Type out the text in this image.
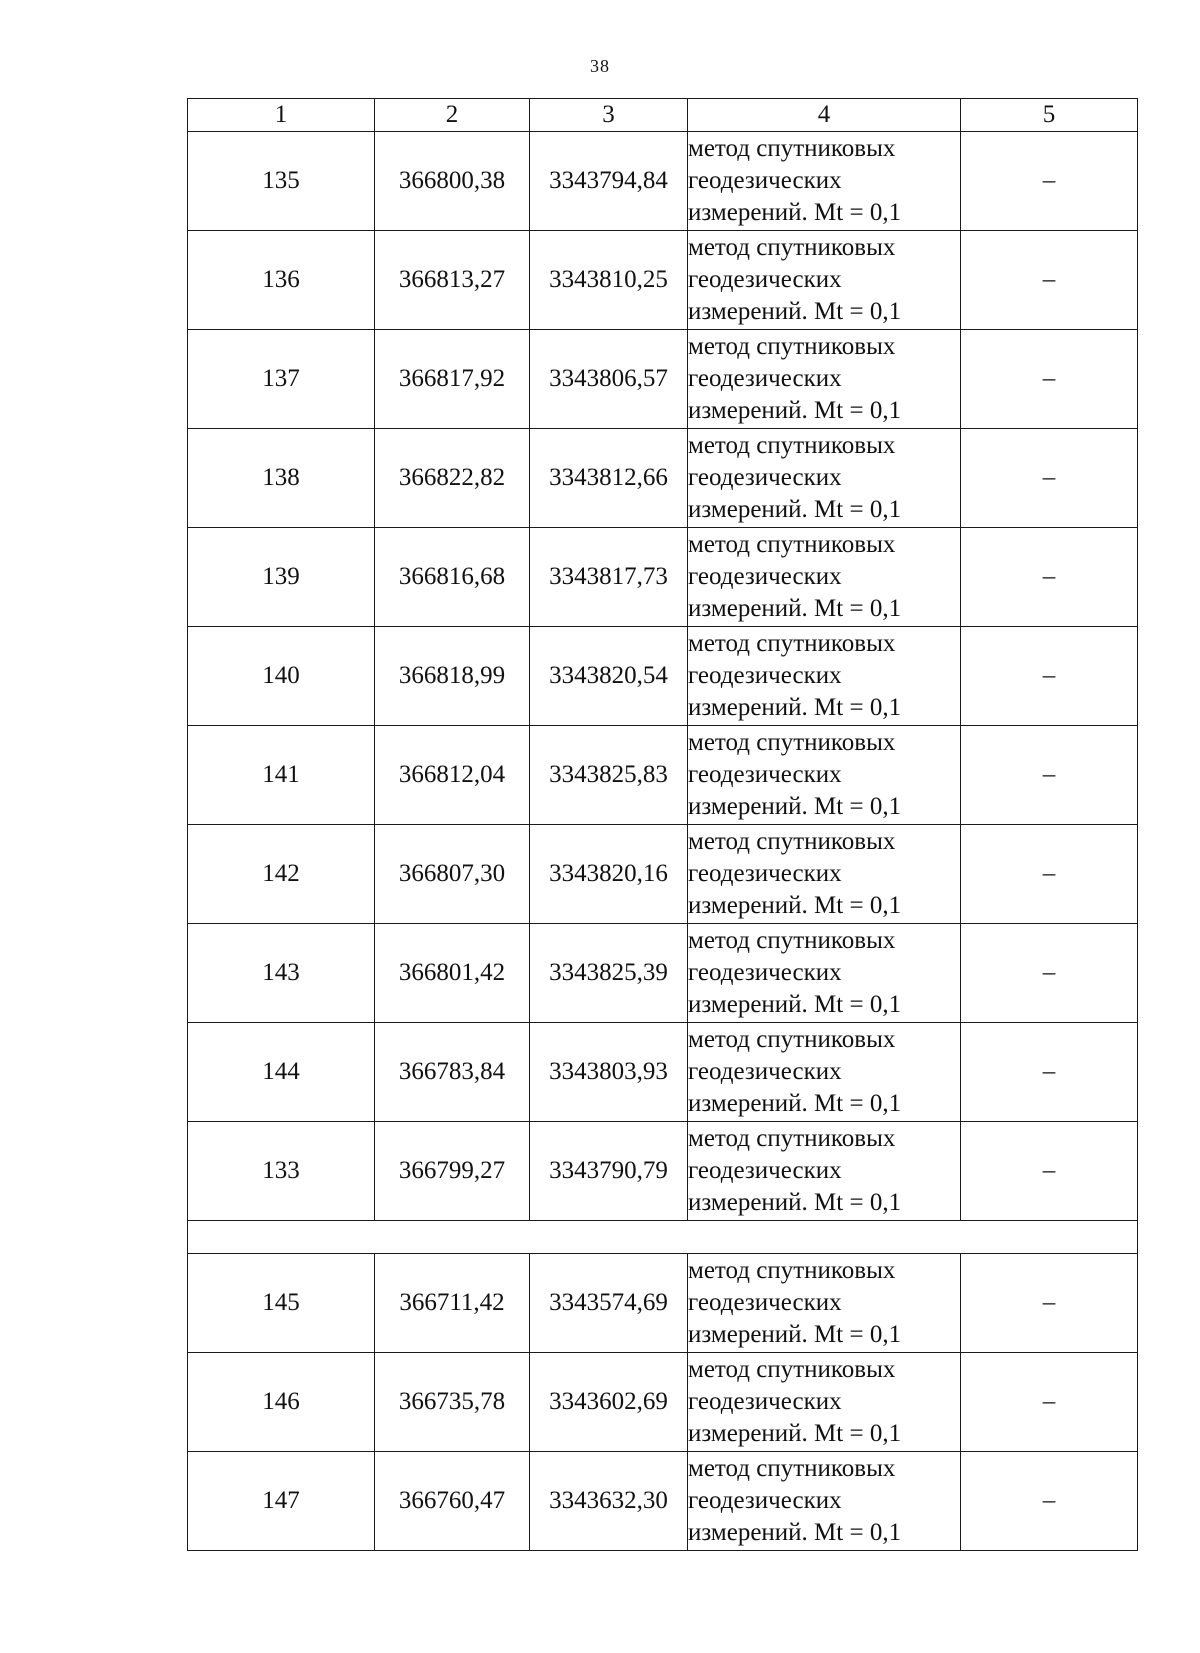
38
1	2	3	4	5
135	366800,38	3343794,84	метод спутниковых
геодезических
измерений. Mt = 0,1	–
136	366813,27	3343810,25	метод спутниковых
геодезических
измерений. Mt = 0,1	–
137	366817,92	3343806,57	метод спутниковых
геодезических
измерений. Mt = 0,1	–
138	366822,82	3343812,66	метод спутниковых
геодезических
измерений. Mt = 0,1	–
139	366816,68	3343817,73	метод спутниковых
геодезических
измерений. Mt = 0,1	–
140	366818,99	3343820,54	метод спутниковых
геодезических
измерений. Mt = 0,1	–
141	366812,04	3343825,83	метод спутниковых
геодезических
измерений. Mt = 0,1	–
142	366807,30	3343820,16	метод спутниковых
геодезических
измерений. Mt = 0,1	–
143	366801,42	3343825,39	метод спутниковых
геодезических
измерений. Mt = 0,1	–
144	366783,84	3343803,93	метод спутниковых
геодезических
измерений. Mt = 0,1	–
133	366799,27	3343790,79	метод спутниковых
геодезических
измерений. Mt = 0,1	–

145	366711,42	3343574,69	метод спутниковых
геодезических
измерений. Mt = 0,1	–
146	366735,78	3343602,69	метод спутниковых
геодезических
измерений. Mt = 0,1	–
147	366760,47	3343632,30	метод спутниковых
геодезических
измерений. Mt = 0,1	–
